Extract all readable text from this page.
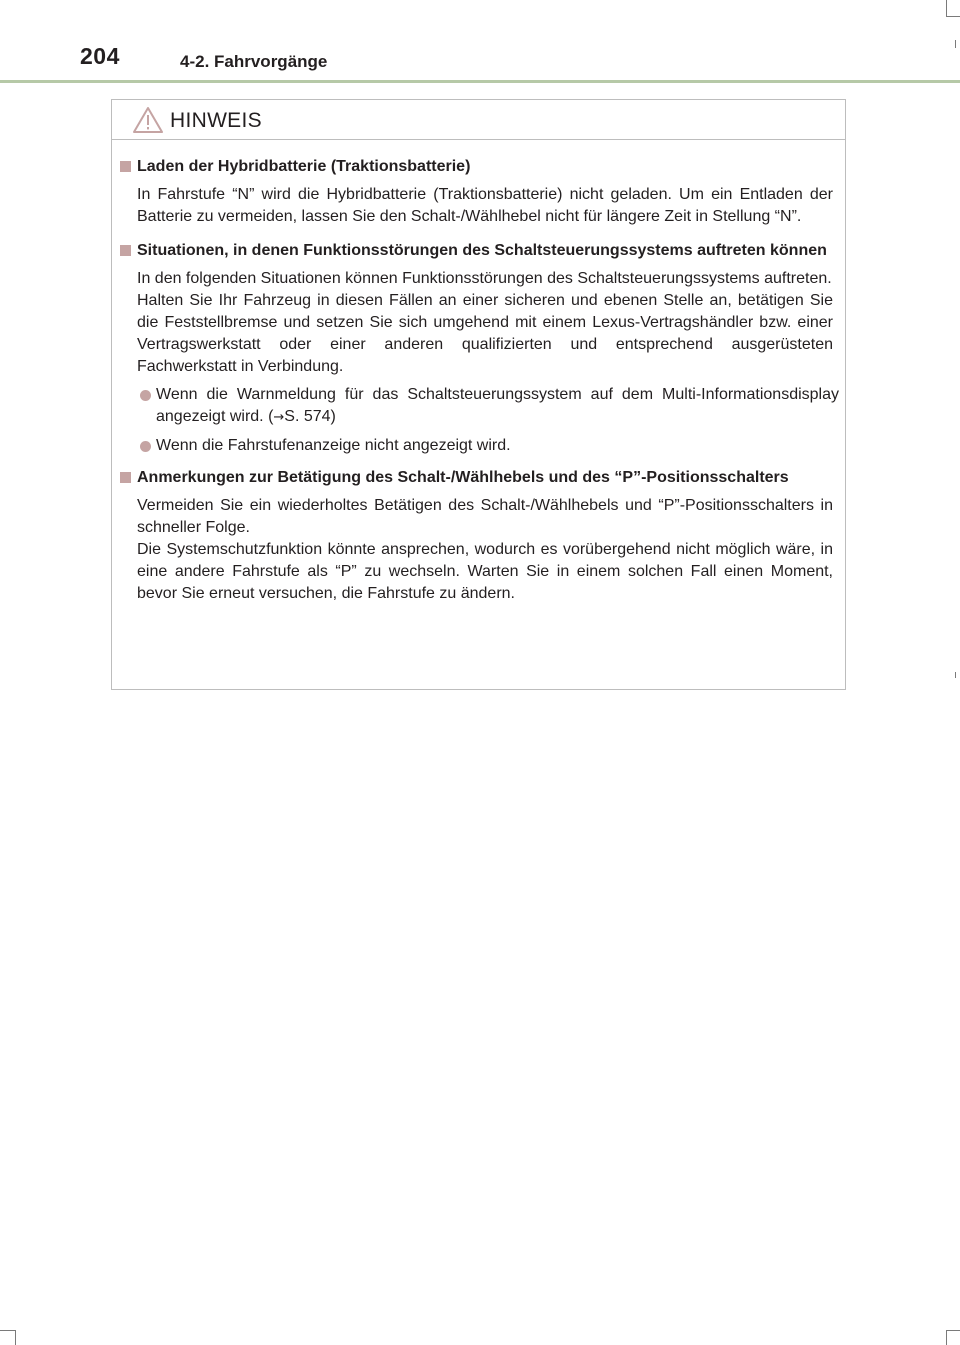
204	4-2. Fahrvorgänge
HINWEIS
Laden der Hybridbatterie (Traktionsbatterie)
In Fahrstufe “N” wird die Hybridbatterie (Traktionsbatterie) nicht geladen. Um ein Entladen der Batterie zu vermeiden, lassen Sie den Schalt-/Wählhebel nicht für längere Zeit in Stellung “N”.
Situationen, in denen Funktionsstörungen des Schaltsteuerungssystems auftreten können
In den folgenden Situationen können Funktionsstörungen des Schaltsteuerungssystems auftreten.
Halten Sie Ihr Fahrzeug in diesen Fällen an einer sicheren und ebenen Stelle an, betätigen Sie die Feststellbremse und setzen Sie sich umgehend mit einem Lexus-Vertragshändler bzw. einer Vertragswerkstatt oder einer anderen qualifizierten und entsprechend ausgerüsteten Fachwerkstatt in Verbindung.
Wenn die Warnmeldung für das Schaltsteuerungssystem auf dem Multi-Informationsdisplay angezeigt wird. (→S. 574)
Wenn die Fahrstufenanzeige nicht angezeigt wird.
Anmerkungen zur Betätigung des Schalt-/Wählhebels und des “P”-Positionsschalters
Vermeiden Sie ein wiederholtes Betätigen des Schalt-/Wählhebels und “P”-Positionsschalters in schneller Folge.
Die Systemschutzfunktion könnte ansprechen, wodurch es vorübergehend nicht möglich wäre, in eine andere Fahrstufe als “P” zu wechseln. Warten Sie in einem solchen Fall einen Moment, bevor Sie erneut versuchen, die Fahrstufe zu ändern.
